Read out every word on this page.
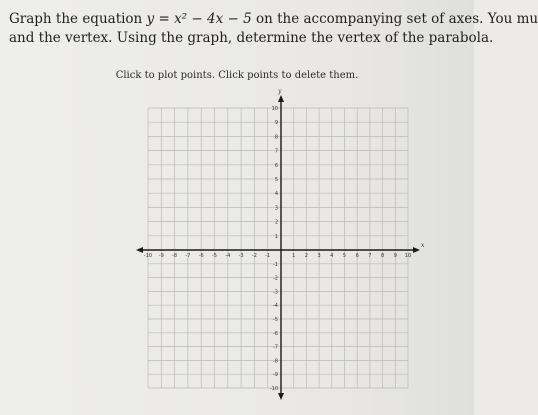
Graph the equation y = x² − 4x − 5 on the accompanying set of axes. You mu
and the vertex. Using the graph, determine the vertex of the parabola.
Click to plot points. Click points to delete them.
x
y
-10 -9 -8 -7 -6 -5 -4 -3 -2 -1	1 2 3 4 5 6 7 8 9 10
10
9
8
7
6
5
4
3
2
1
-1
-2
-3
-4
-5
-6
-7
-8
-9
-10
